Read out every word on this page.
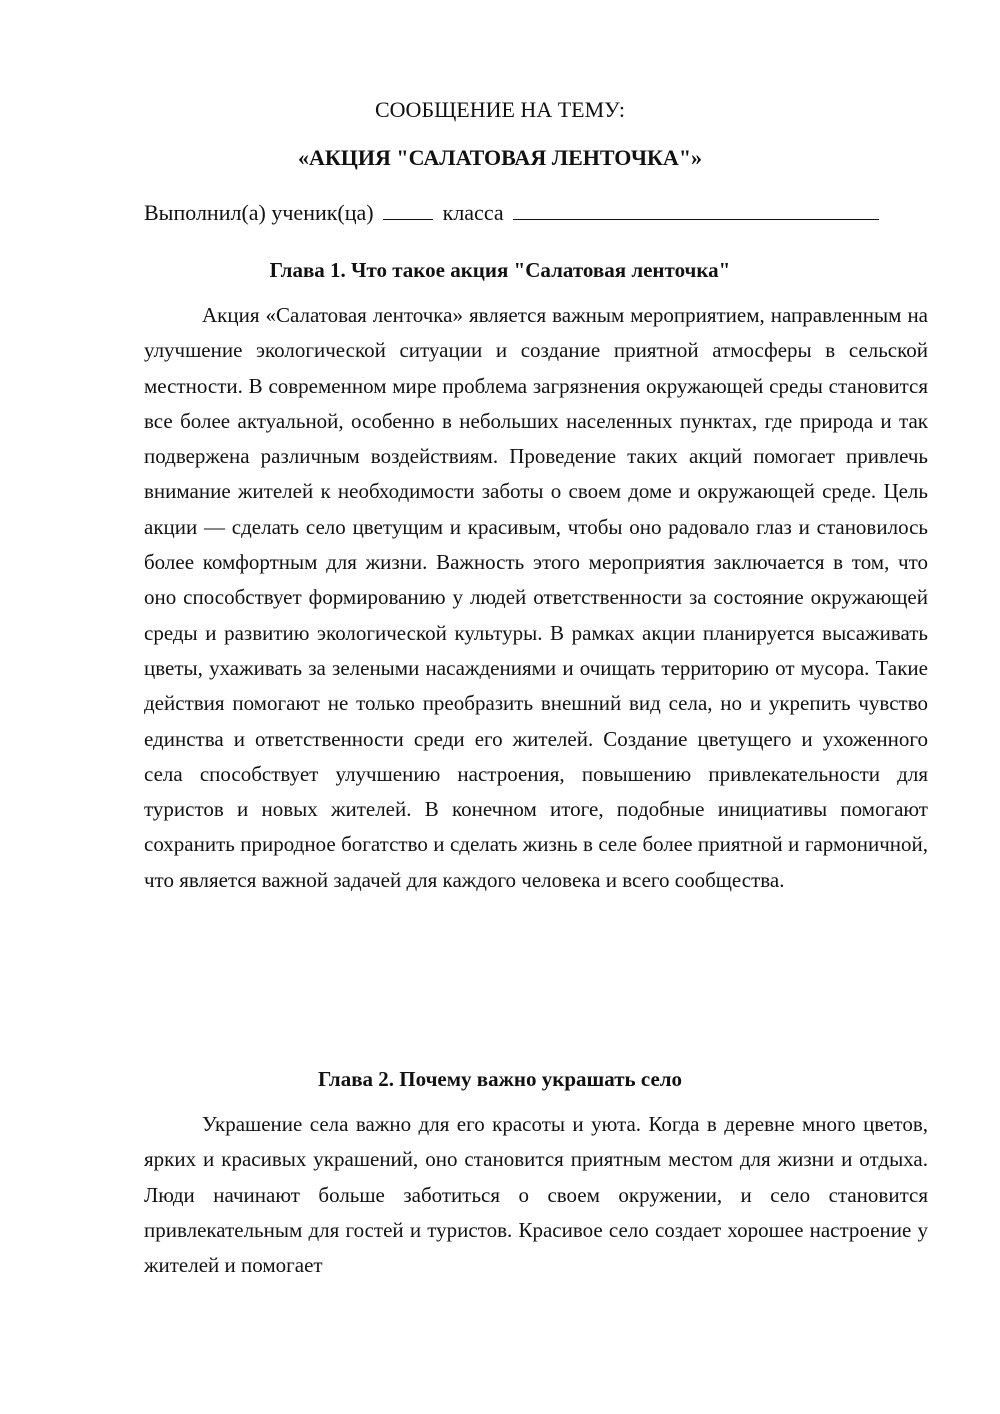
СООБЩЕНИЕ НА ТЕМУ:
«АКЦИЯ "САЛАТОВАЯ ЛЕНТОЧКА"»
Выполнил(а) ученик(ца)	класса
Глава 1. Что такое акция "Салатовая ленточка"

Акция «Салатовая ленточка» является важным мероприятием, направленным на улучшение экологической ситуации и создание приятной атмосферы в сельской местности. В современном мире проблема загрязнения окружающей среды становится все более актуальной, особенно в небольших населенных пунктах, где природа и так подвержена различным воздействиям. Проведение таких акций помогает привлечь внимание жителей к необходимости заботы о своем доме и окружающей среде. Цель акции — сделать село цветущим и красивым, чтобы оно радовало глаз и становилось более комфортным для жизни. Важность этого мероприятия заключается в том, что оно способствует формированию у людей ответственности за состояние окружающей среды и развитию экологической культуры. В рамках акции планируется высаживать цветы, ухаживать за зелеными насаждениями и очищать территорию от мусора. Такие действия помогают не только преобразить внешний вид села, но и укрепить чувство единства и ответственности среди его жителей. Создание цветущего и ухоженного села способствует улучшению настроения, повышению привлекательности для туристов и новых жителей. В конечном итоге, подобные инициативы помогают сохранить природное богатство и сделать жизнь в селе более приятной и гармоничной, что является важной задачей для каждого человека и всего сообщества.

Глава 2. Почему важно украшать село

Украшение села важно для его красоты и уюта. Когда в деревне много цветов, ярких и красивых украшений, оно становится приятным местом для жизни и отдыха. Люди начинают больше заботиться о своем окружении, и село становится привлекательным для гостей и туристов. Красивое село создает хорошее настроение у жителей и помогает
